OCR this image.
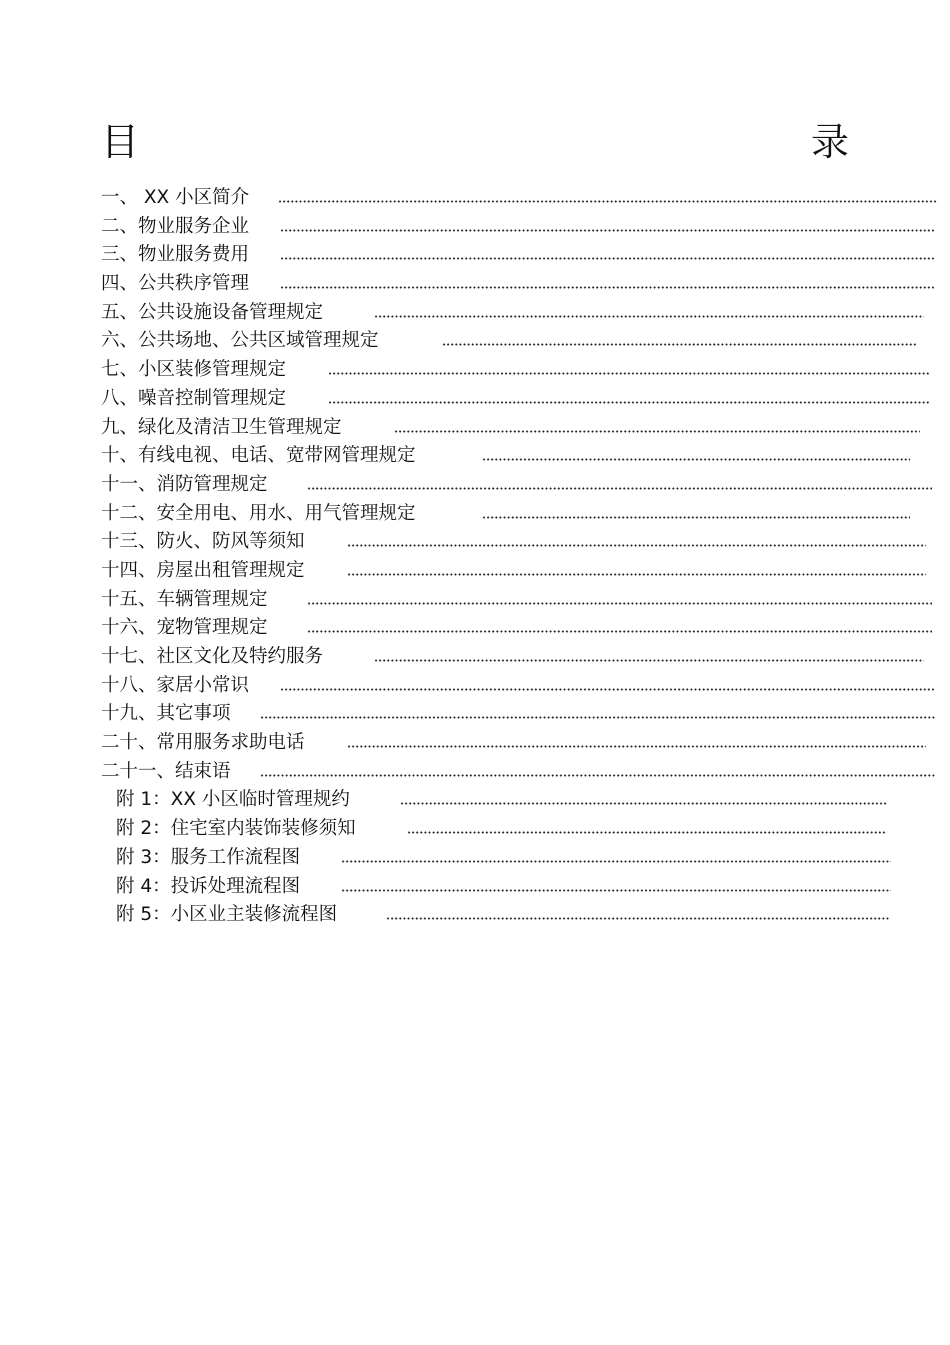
目	录
一、 XX 小区简介
二、物业服务企业
三、物业服务费用
四、公共秩序管理
五、公共设施设备管理规定
六、公共场地、公共区域管理规定
七、小区装修管理规定
八、噪音控制管理规定
九、绿化及清洁卫生管理规定
十、有线电视、电话、宽带网管理规定
十一、消防管理规定
十二、安全用电、用水、用气管理规定
十三、防火、防风等须知
十四、房屋出租管理规定
十五、车辆管理规定
十六、宠物管理规定
十七、社区文化及特约服务
十八、家居小常识
十九、其它事项
二十、常用服务求助电话
二十一、结束语
附 1：XX 小区临时管理规约
附 2：住宅室内装饰装修须知
附 3：服务工作流程图
附 4：投诉处理流程图
附 5：小区业主装修流程图
